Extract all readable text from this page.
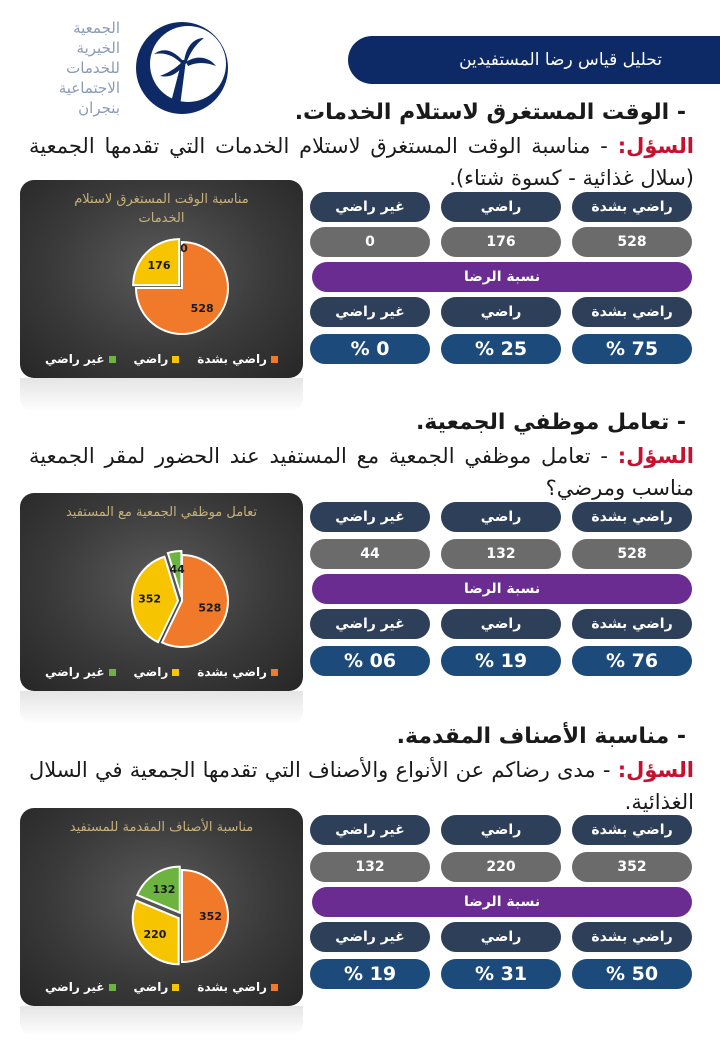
الجمعية
الخيرية
للخدمات
الاجتماعية
بنجران
تحليل قياس رضا المستفيدين
- الوقت المستغرق لاستلام الخدمات.
السؤل: - مناسبة الوقت المستغرق لاستلام الخدمات التي تقدمها الجمعية (سلال غذائية - كسوة شتاء).
مناسبة الوقت المستغرق لاستلام الخدمات
528
176
0
راضي بشدة
راضي
غير راضي
راضي بشدة
راضي
غير راضي
528
176
0
نسبة الرضا
راضي بشدة
راضي
غير راضي
75 %
25 %
0 %
- تعامل موظفي الجمعية.
السؤل: - تعامل موظفي الجمعية مع المستفيد عند الحضور لمقر الجمعية مناسب ومرضي؟
تعامل موظفي الجمعية مع المستفيد
528
352
44
راضي بشدة
راضي
غير راضي
راضي بشدة
راضي
غير راضي
528
132
44
نسبة الرضا
راضي بشدة
راضي
غير راضي
76 %
19 %
06 %
- مناسبة الأصناف المقدمة.
السؤل: - مدى رضاكم عن الأنواع والأصناف التي تقدمها الجمعية في السلال الغذائية.
مناسبة الأصناف المقدمة للمستفيد
352
220
132
راضي بشدة
راضي
غير راضي
راضي بشدة
راضي
غير راضي
352
220
132
نسبة الرضا
راضي بشدة
راضي
غير راضي
50 %
31 %
19 %
